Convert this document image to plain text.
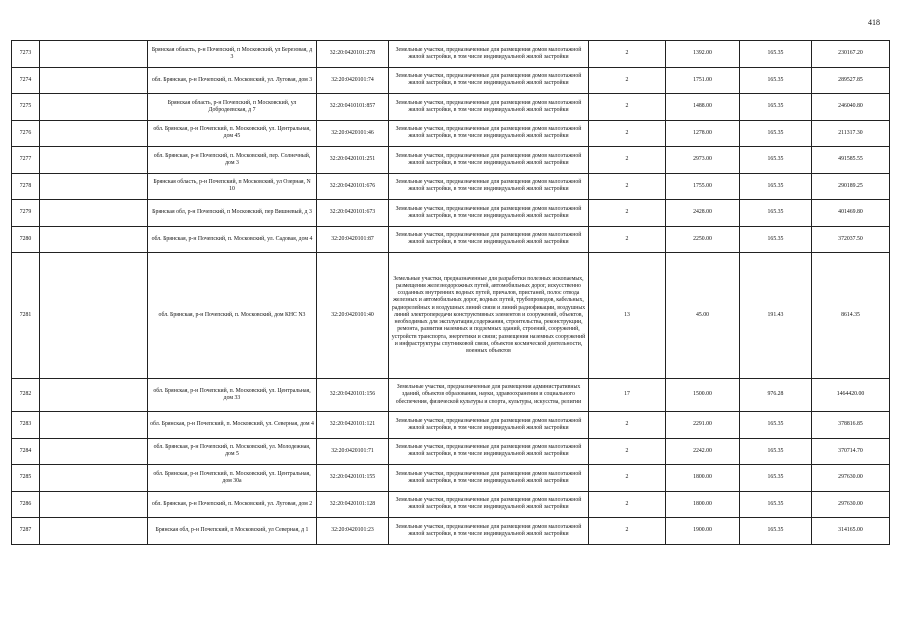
418
7273		Брянская область, р-н Почепский, п Московский, ул Березовая, д 3	32:20:0420101:278	Земельные участки, предназначенные для размещения домов малоэтажной жилой застройки, в том числе индивидуальной жилой застройки	2	1392.00	165.35	230167.20
7274		обл. Брянская, р-н Почепский, п. Московский, ул. Луговая, дом 3	32:20:0420101:74	Земельные участки, предназначенные для размещения домов малоэтажной жилой застройки, в том числе индивидуальной жилой застройки	2	1751.00	165.35	289527.85
7275		Брянская область, р-н Почепский, п Московский, ул Добродеевская, д 7	32:20:0410101:857	Земельные участки, предназначенные для размещения домов малоэтажной жилой застройки, в том числе индивидуальной жилой застройки	2	1488.00	165.35	246040.80
7276		обл. Брянская, р-н Почепский, п. Московский, ул. Центральная, дом 45	32:20:0420101:46	Земельные участки, предназначенные для размещения домов малоэтажной жилой застройки, в том числе индивидуальной жилой застройки	2	1278.00	165.35	211317.30
7277		обл. Брянская, р-н Почепский, п. Московский, пер. Солнечный, дом 3	32:20:0420101:251	Земельные участки, предназначенные для размещения домов малоэтажной жилой застройки, в том числе индивидуальной жилой застройки	2	2973.00	165.35	491585.55
7278		Брянская область, р-н Почепский, п Московский, ул Озерная, N 10	32:20:0420101:676	Земельные участки, предназначенные для размещения домов малоэтажной жилой застройки, в том числе индивидуальной жилой застройки	2	1755.00	165.35	290189.25
7279		Брянская обл, р-н Почепский, п Московский, пер Вишневый, д 3	32:20:0420101:673	Земельные участки, предназначенные для размещения домов малоэтажной жилой застройки, в том числе индивидуальной жилой застройки	2	2428.00	165.35	401469.80
7280		обл. Брянская, р-н Почепский, п. Московский, ул. Садовая, дом 4	32:20:0420101:87	Земельные участки, предназначенные для размещения домов малоэтажной жилой застройки, в том числе индивидуальной жилой застройки	2	2250.00	165.35	372037.50
7281		обл. Брянская, р-н Почепский, п. Московский, дом КНС N3	32:20:0420101:40	Земельные участки, предназначенные для разработки полезных ископаемых, размещения железнодорожных путей, автомобильных дорог, искусственно созданных внутренних водных путей, причалов, пристаней, полос отвода железных и автомобильных дорог, водных путей, трубопроводов, кабельных, радиорелейных и воздушных линий связи и линий радиофикации, воздушных линий электропередачи конструктивных элементов и сооружений, объектов, необходимых для эксплуатации,содержания, строительства, реконструкции, ремонта, развития наземных и подземных зданий, строений, сооружений, устройств транспорта, энергетики и связи; размещения наземных сооружений и инфраструктуры спутниковой связи, объектов космической деятельности, военных объектов	13	45.00	191.43	8614.35
7282		обл. Брянская, р-н Почепский, п. Московский, ул. Центральная, дом 33	32:20:0420101:156	Земельные участки, предназначенные для размещения административных зданий, объектов образования, науки, здравоохранения и социального обеспечения, физической культуры и спорта, культуры, искусства, религии	17	1500.00	976.28	1464420.00
7283		обл. Брянская, р-н Почепский, п. Московский, ул. Северная, дом 4	32:20:0420101:121	Земельные участки, предназначенные для размещения домов малоэтажной жилой застройки, в том числе индивидуальной жилой застройки	2	2291.00	165.35	378816.85
7284		обл. Брянская, р-н Почепский, п. Московский, ул. Молодежная, дом 5	32:20:0420101:71	Земельные участки, предназначенные для размещения домов малоэтажной жилой застройки, в том числе индивидуальной жилой застройки	2	2242.00	165.35	370714.70
7285		обл. Брянская, р-н Почепский, п. Московский, ул. Центральная, дом 30а	32:20:0420101:155	Земельные участки, предназначенные для размещения домов малоэтажной жилой застройки, в том числе индивидуальной жилой застройки	2	1800.00	165.35	297630.00
7286		обл. Брянская, р-н Почепский, п. Московский, ул. Луговая, дом 2	32:20:0420101:128	Земельные участки, предназначенные для размещения домов малоэтажной жилой застройки, в том числе индивидуальной жилой застройки	2	1800.00	165.35	297630.00
7287		Брянская обл, р-н Почепский, п Московский, ул Северная, д 1	32:20:0420101:23	Земельные участки, предназначенные для размещения домов малоэтажной жилой застройки, в том числе индивидуальной жилой застройки	2	1900.00	165.35	314165.00
